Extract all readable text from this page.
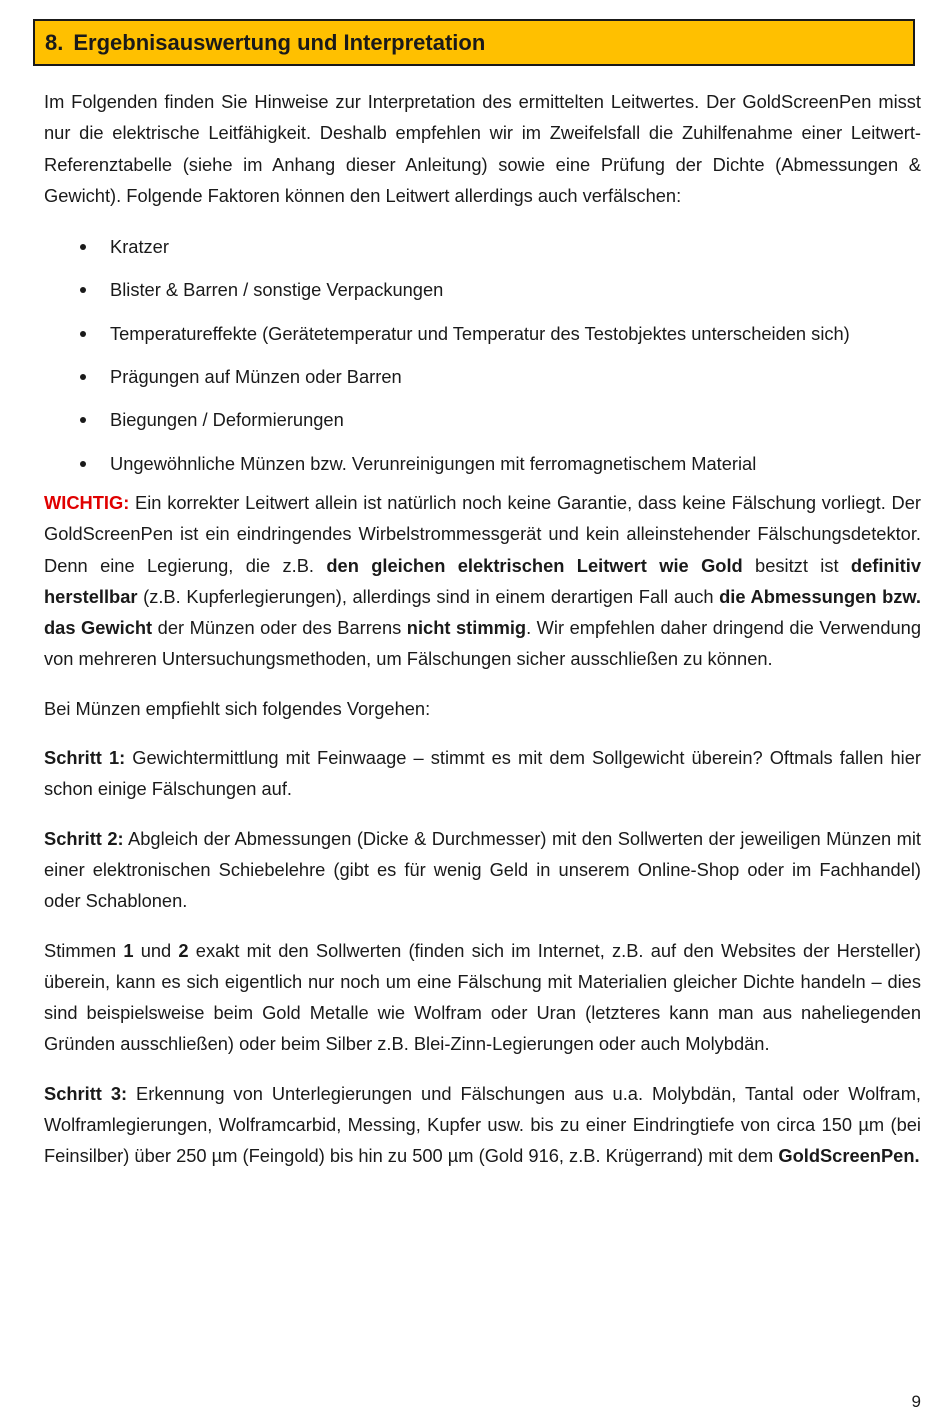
8. Ergebnisauswertung und Interpretation

Im Folgenden finden Sie Hinweise zur Interpretation des ermittelten Leitwertes. Der GoldScreenPen misst nur die elektrische Leitfähigkeit. Deshalb empfehlen wir im Zweifelsfall die Zuhilfenahme einer Leitwert-Referenztabelle (siehe im Anhang dieser Anleitung) sowie eine Prüfung der Dichte (Abmessungen & Gewicht). Folgende Faktoren können den Leitwert allerdings auch verfälschen:

Kratzer
Blister & Barren / sonstige Verpackungen
Temperatureffekte (Gerätetemperatur und Temperatur des Testobjektes unterscheiden sich)
Prägungen auf Münzen oder Barren
Biegungen / Deformierungen
Ungewöhnliche Münzen bzw. Verunreinigungen mit ferromagnetischem Material

WICHTIG: Ein korrekter Leitwert allein ist natürlich noch keine Garantie, dass keine Fälschung vorliegt. Der GoldScreenPen ist ein eindringendes Wirbelstrommessgerät und kein alleinstehender Fälschungsdetektor. Denn eine Legierung, die z.B. den gleichen elektrischen Leitwert wie Gold besitzt ist definitiv herstellbar (z.B. Kupferlegierungen), allerdings sind in einem derartigen Fall auch die Abmessungen bzw. das Gewicht der Münzen oder des Barrens nicht stimmig. Wir empfehlen daher dringend die Verwendung von mehreren Untersuchungsmethoden, um Fälschungen sicher ausschließen zu können.

Bei Münzen empfiehlt sich folgendes Vorgehen:

Schritt 1: Gewichtermittlung mit Feinwaage – stimmt es mit dem Sollgewicht überein? Oftmals fallen hier schon einige Fälschungen auf.

Schritt 2: Abgleich der Abmessungen (Dicke & Durchmesser) mit den Sollwerten der jeweiligen Münzen mit einer elektronischen Schiebelehre (gibt es für wenig Geld in unserem Online-Shop oder im Fachhandel) oder Schablonen.

Stimmen 1 und 2 exakt mit den Sollwerten (finden sich im Internet, z.B. auf den Websites der Hersteller) überein, kann es sich eigentlich nur noch um eine Fälschung mit Materialien gleicher Dichte handeln – dies sind beispielsweise beim Gold Metalle wie Wolfram oder Uran (letzteres kann man aus naheliegenden Gründen ausschließen) oder beim Silber z.B. Blei-Zinn-Legierungen oder auch Molybdän.

Schritt 3: Erkennung von Unterlegierungen und Fälschungen aus u.a. Molybdän, Tantal oder Wolfram, Wolframlegierungen, Wolframcarbid, Messing, Kupfer usw. bis zu einer Eindringtiefe von circa 150 µm (bei Feinsilber) über 250 µm (Feingold) bis hin zu 500 µm (Gold 916, z.B. Krügerrand) mit dem GoldScreenPen.

9
